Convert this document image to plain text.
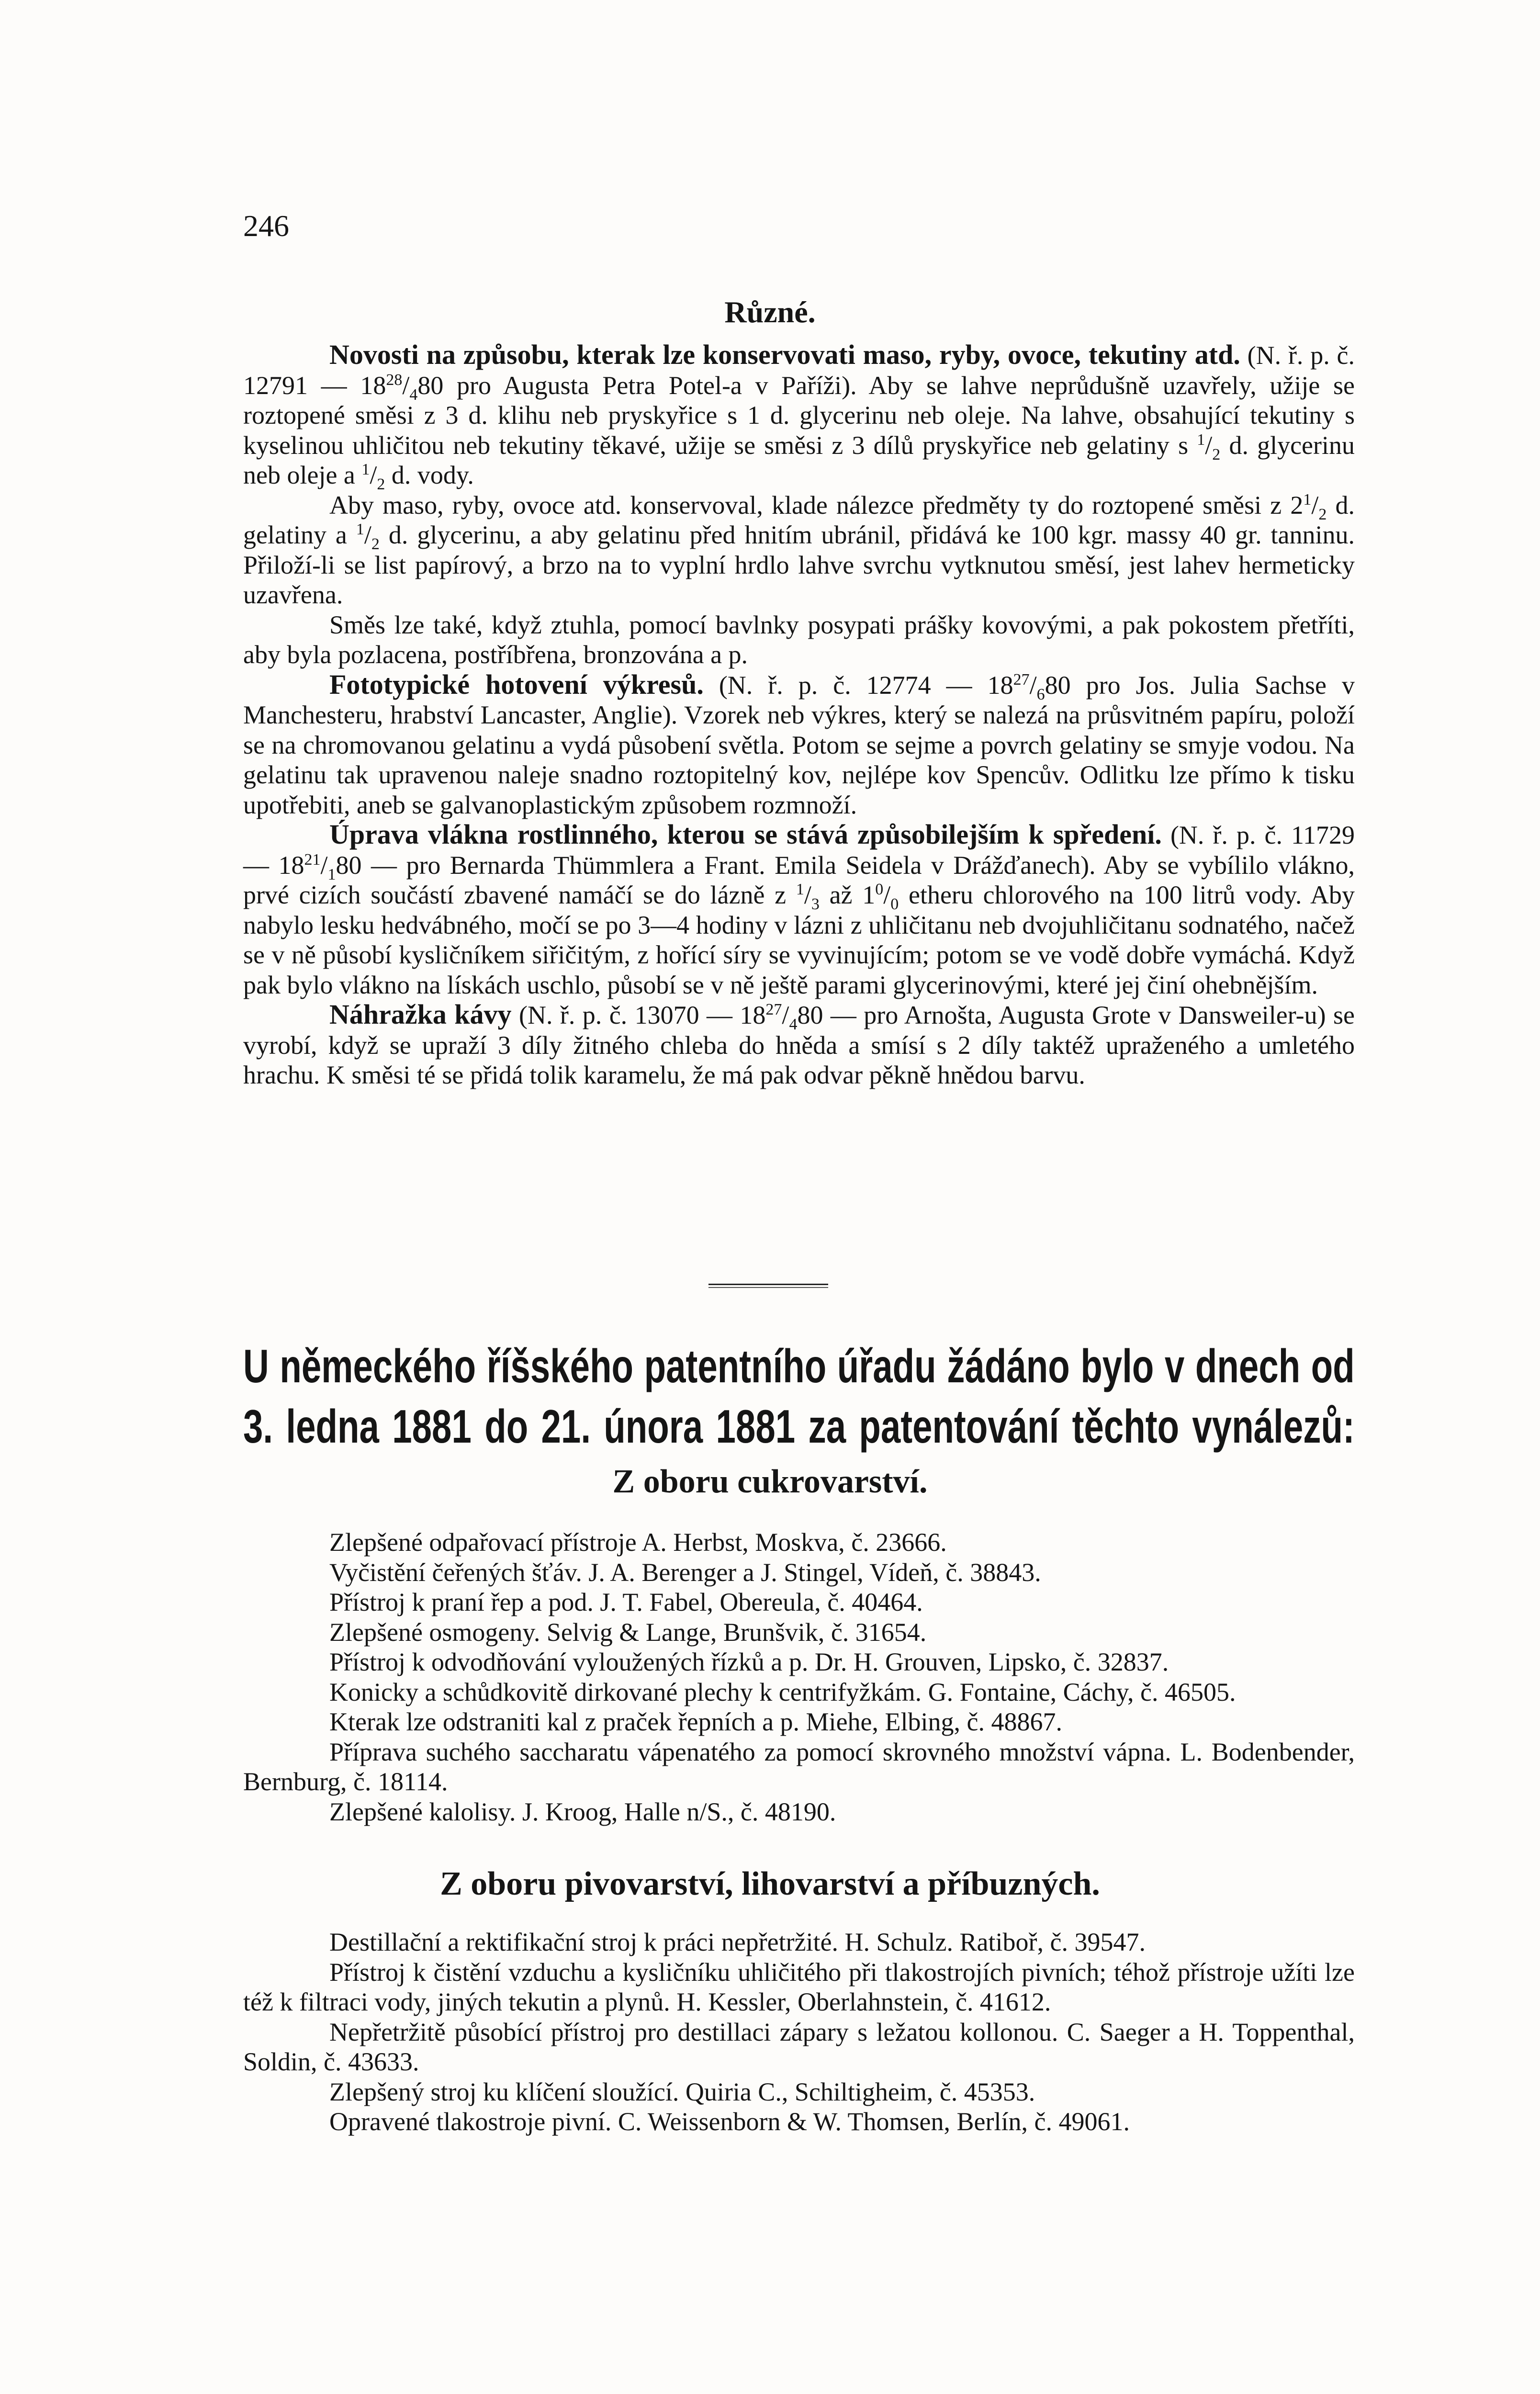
246
Různé.

Novosti na způsobu, kterak lze konservovati maso, ryby, ovoce, tekutiny atd. (N. ř. p. č. 12791 — $18^{28}/_480$ pro Augusta Petra Potel-a v Paříži). Aby se lahve neprůdušně uzavřely, užije se roztopené směsi z 3 d. klihu neb pryskyřice s 1 d. glycerinu neb oleje. Na lahve, obsahující tekutiny s kyselinou uhličitou neb tekutiny těkavé, užije se směsi z 3 dílů pryskyřice neb gelatiny s $^1/_2$ d. glycerinu neb oleje a $^1/_2$ d. vody.

Aby maso, ryby, ovoce atd. konservoval, klade nálezce předměty ty do roztopené směsi z $2^1/_2$ d. gelatiny a $^1/_2$ d. glycerinu, a aby gelatinu před hnitím ubránil, přidává ke 100 kgr. massy 40 gr. tanninu. Přiloží-li se list papírový, a brzo na to vyplní hrdlo lahve svrchu vytknutou směsí, jest lahev hermeticky uzavřena.

Směs lze také, když ztuhla, pomocí bavlnky posypati prášky kovovými, a pak pokostem přetříti, aby byla pozlacena, postříbřena, bronzována a p.

Fototypické hotovení výkresů. (N. ř. p. č. 12774 — $18^{27}/_680$ pro Jos. Julia Sachse v Manchesteru, hrabství Lancaster, Anglie). Vzorek neb výkres, který se nalezá na průsvitném papíru, položí se na chromovanou gelatinu a vydá působení světla. Potom se sejme a povrch gelatiny se smyje vodou. Na gelatinu tak upravenou naleje snadno roztopitelný kov, nejlépe kov Spencův. Odlitku lze přímo k tisku upotřebiti, aneb se galvanoplastickým způsobem rozmnoží.

Úprava vlákna rostlinného, kterou se stává způsobilejším k spředení. (N. ř. p. č. 11729 — $18^{21}/_180$ — pro Bernarda Thümmlera a Frant. Emila Seidela v Drážďanech). Aby se vybílilo vlákno, prvé cizích součástí zbavené namáčí se do lázně z $^1/_3$ až $1^0/_0$ etheru chlorového na 100 litrů vody. Aby nabylo lesku hedvábného, močí se po 3—4 hodiny v lázni z uhličitanu neb dvojuhličitanu sodnatého, načež se v ně působí kysličníkem siřičitým, z hořící síry se vyvinujícím; potom se ve vodě dobře vymáchá. Když pak bylo vlákno na lískách uschlo, působí se v ně ještě parami glycerinovými, které jej činí ohebnějším.

Náhražka kávy (N. ř. p. č. 13070 — $18^{27}/_480$ — pro Arnošta, Augusta Grote v Dansweiler-u) se vyrobí, když se upraží 3 díly žitného chleba do hněda a smísí s 2 díly taktéž upraženého a umletého hrachu. K směsi té se přidá tolik karamelu, že má pak odvar pěkně hnědou barvu.

U německého říšského patentního úřadu žádáno bylo v dnech od
3. ledna 1881 do 21. února 1881 za patentování těchto vynálezů:
Z oboru cukrovarství.

Zlepšené odpařovací přístroje A. Herbst, Moskva, č. 23666.

Vyčistění čeřených šťáv. J. A. Berenger a J. Stingel, Vídeň, č. 38843.

Přístroj k praní řep a pod. J. T. Fabel, Obereula, č. 40464.

Zlepšené osmogeny. Selvig & Lange, Brunšvik, č. 31654.

Přístroj k odvodňování vyloužených řízků a p. Dr. H. Grouven, Lipsko, č. 32837.

Konicky a schůdkovitě dirkované plechy k centrifyžkám. G. Fontaine, Cáchy, č. 46505.

Kterak lze odstraniti kal z praček řepních a p. Miehe, Elbing, č. 48867.

Příprava suchého saccharatu vápenatého za pomocí skrovného množství vápna. L. Bodenbender, Bernburg, č. 18114.

Zlepšené kalolisy. J. Kroog, Halle n/S., č. 48190.

Z oboru pivovarství, lihovarství a příbuzných.

Destillační a rektifikační stroj k práci nepřetržité. H. Schulz. Ratiboř, č. 39547.

Přístroj k čistění vzduchu a kysličníku uhličitého při tlakostrojích pivních; téhož přístroje užíti lze též k filtraci vody, jiných tekutin a plynů. H. Kessler, Oberlahnstein, č. 41612.

Nepřetržitě působící přístroj pro destillaci zápary s ležatou kollonou. C. Saeger a H. Toppenthal, Soldin, č. 43633.

Zlepšený stroj ku klíčení sloužící. Quiria C., Schiltigheim, č. 45353.

Opravené tlakostroje pivní. C. Weissenborn & W. Thomsen, Berlín, č. 49061.
